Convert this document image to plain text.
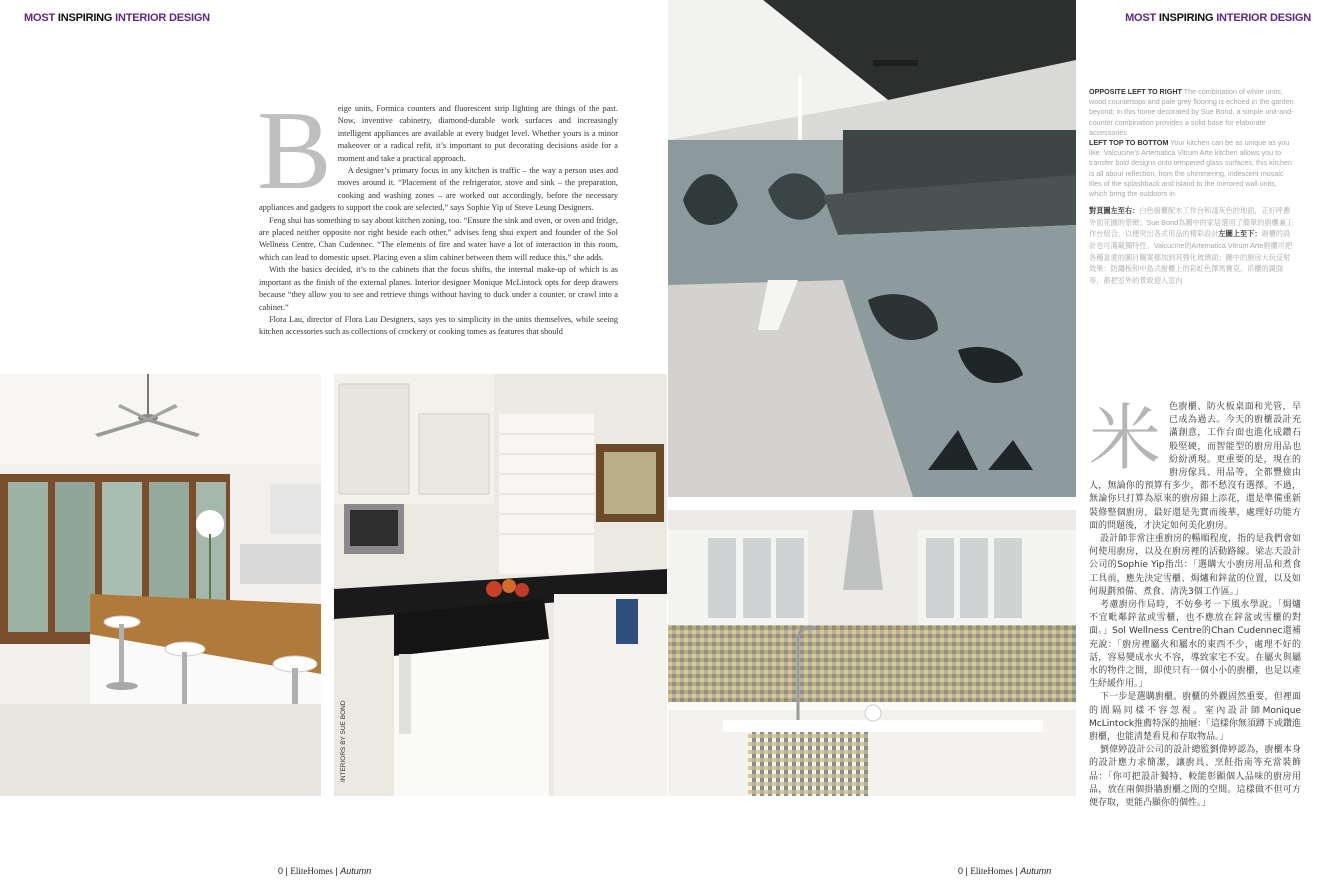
MOST INSPIRING INTERIOR DESIGN	MOST INSPIRING INTERIOR DESIGN
B eige units, Formica counters and fluorescent strip lighting are things of the past. Now, inventive cabinetry, diamond-durable work surfaces and increasingly intelligent appliances are available at every budget level. Whether yours is a minor makeover or a radical refit, it’s important to put decorating decisions aside for a moment and take a practical approach.

A designer’s primary focus in any kitchen is traffic – the way a person uses and moves around it. “Placement of the refrigerator, stove and sink – the preparation, cooking and washing zones – are worked out accordingly, before the necessary appliances and gadgets to support the cook are selected,” says Sophie Yip of Steve Leung Designers.

Feng shui has something to say about kitchen zoning, too. “Ensure the sink and oven, or oven and fridge, are placed neither opposite nor right beside each other,” advises feng shui expert and founder of the Sol Wellness Centre, Chan Cudennec. “The elements of fire and water have a lot of interaction in this room, which can lead to domestic upset. Placing even a slim cabinet between them will reduce this,” she adds.

With the basics decided, it’s to the cabinets that the focus shifts, the internal make-up of which is as important as the finish of the external planes. Interior designer Monique McLintock opts for deep drawers because “they allow you to see and retrieve things without having to duck under a counter, or crawl into a cabinet.”

Flora Lau, director of Flora Lau Designers, says yes to simplicity in the units themselves, while seeing kitchen accessories such as collections of crockery or cooking tomes as features that should

INTERIORS BY SUE BOND

OPPOSITE LEFT TO RIGHT The combination of white units, wood countertops and pale grey flooring is echoed in the garden beyond; in this home decorated by Sue Bond, a simple unit-and-counter combination provides a solid base for elaborate accessories
LEFT TOP TO BOTTOM Your kitchen can be as unique as you like. Valcucine’s Artematica Vitrum Arte kitchen allows you to transfer bold designs onto tempered glass surfaces; this kitchen is all about reflection, from the shimmering, iridescent mosaic tiles of the splashback and island to the mirrored wall units, which bring the outdoors in

對頁圖左至右：白色廚櫃配木工作台和淺灰色的地面，正好呼應外面花園的景緻；Sue Bond為圖中的家居選用了簡單的廚櫃兼工作台組合，以便突出各式用品的精彩設計左圖上至下：廚櫃的設計也可滿載獨特性。Valcucine的Artematica Vitrum Arte廚櫃可把各種喜愛的圖目圖案都加到其強化玻璃面；圖中的廚房大玩反射效果：防濺板和中島式廚櫃上的彩虹色澤馬賽克、吊櫃的鏡面等，都把室外的景致迎入室內

米 色廚櫃、防火板桌面和光管，早已成為過去。今天的廚櫃設計充滿創意，工作台面也進化成鑽石般堅硬，而智能型的廚房用品也紛紛湧現。更重要的是，現在的廚房傢具、用品等，全都豐儉由人，無論你的預算有多少，都不愁沒有選擇。不過，無論你只打算為原來的廚房錦上添花，還是準備重新裝修整個廚房，最好還是先實而後華，處理好功能方面的問題後，才決定如何美化廚房。

設計師非常注重廚房的暢順程度，指的是我們會如何使用廚房，以及在廚房裡的活動路線。梁志天設計公司的Sophie Yip指出：「選購大小廚房用品和煮食工具前，應先決定雪櫃、焗爐和鋅盆的位置，以及如何規劃預備、煮食、清洗3個工作區。」

考慮廚房作局時，不妨參考一下風水學說。「焗爐不宜毗鄰鋅盆或雪櫃，也不應放在鋅盆或雪櫃的對面。」Sol Wellness Centre的Chan Cudennec還補充說：「廚房裡屬火和屬水的東西不少，處理不好的話，容易變成水火不容，導致家宅不安。在屬火與屬水的物件之間，即使只有一個小小的廚櫃，也足以產生紓緩作用。」

下一步是選購廚櫃。廚櫃的外觀固然重要，但裡面的間隔同樣不容忽視。室內設計師Monique McLintock推薦特深的抽屜：「這樣你無須蹲下或鑽進廚櫃，也能清楚看見和存取物品。」

劉偉婷設計公司的設計總監劉偉婷認為，廚櫃本身的設計應力求簡潔，讓廚具、烹飪指南等充當裝飾品：「你可把設計獨特、較能彰顯個人品味的廚房用品，放在兩個掛牆廚櫃之間的空間。這樣做不但可方便存取，更能凸顯你的個性。」

0 | EliteHomes | Autumn	0 | EliteHomes | Autumn
